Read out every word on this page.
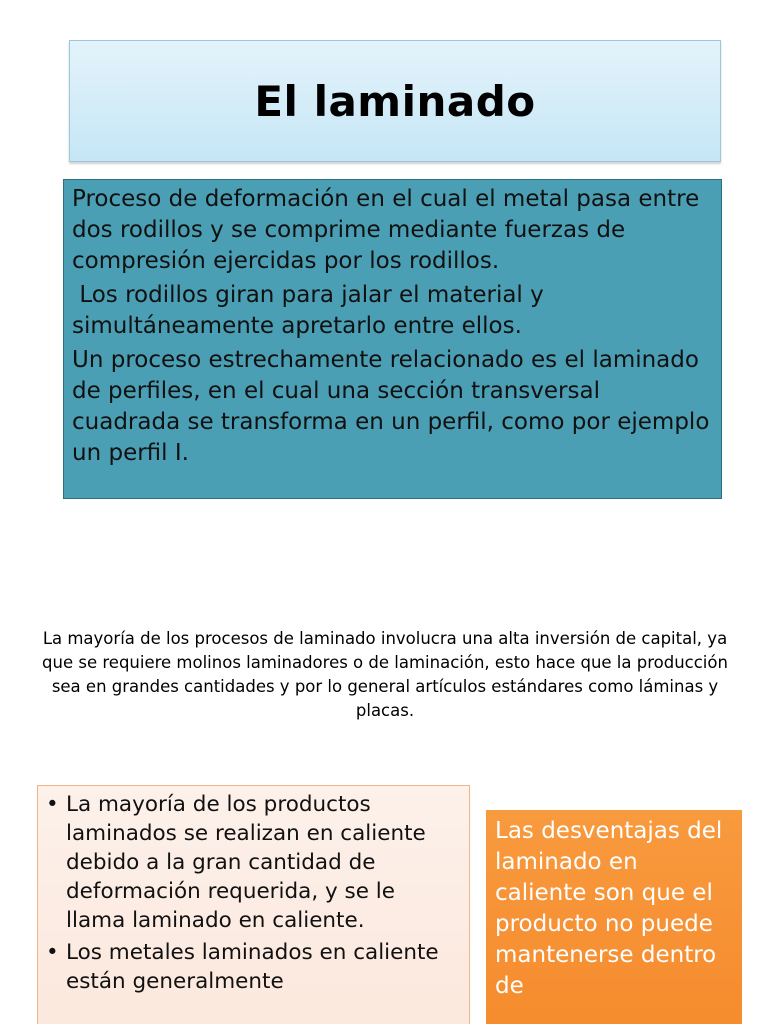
El laminado

Proceso de deformación en el cual el metal pasa entre dos rodillos y se comprime mediante fuerzas de compresión ejercidas por los rodillos.

Los rodillos giran para jalar el material y simultáneamente apretarlo entre ellos.

Un proceso estrechamente relacionado es el laminado de perfiles, en el cual una sección transversal cuadrada se transforma en un perfil, como por ejemplo un perfil I.

La mayoría de los procesos de laminado involucra una alta inversión de capital, ya que se requiere molinos laminadores o de laminación, esto hace que la producción sea en grandes cantidades y por lo general artículos estándares como láminas y placas.
• La mayoría de los productos laminados se realizan en caliente debido a la gran cantidad de deformación requerida, y se le llama laminado en caliente.
• Los metales laminados en caliente están generalmente
Las desventajas del laminado en caliente son que el producto no puede mantenerse dentro de
